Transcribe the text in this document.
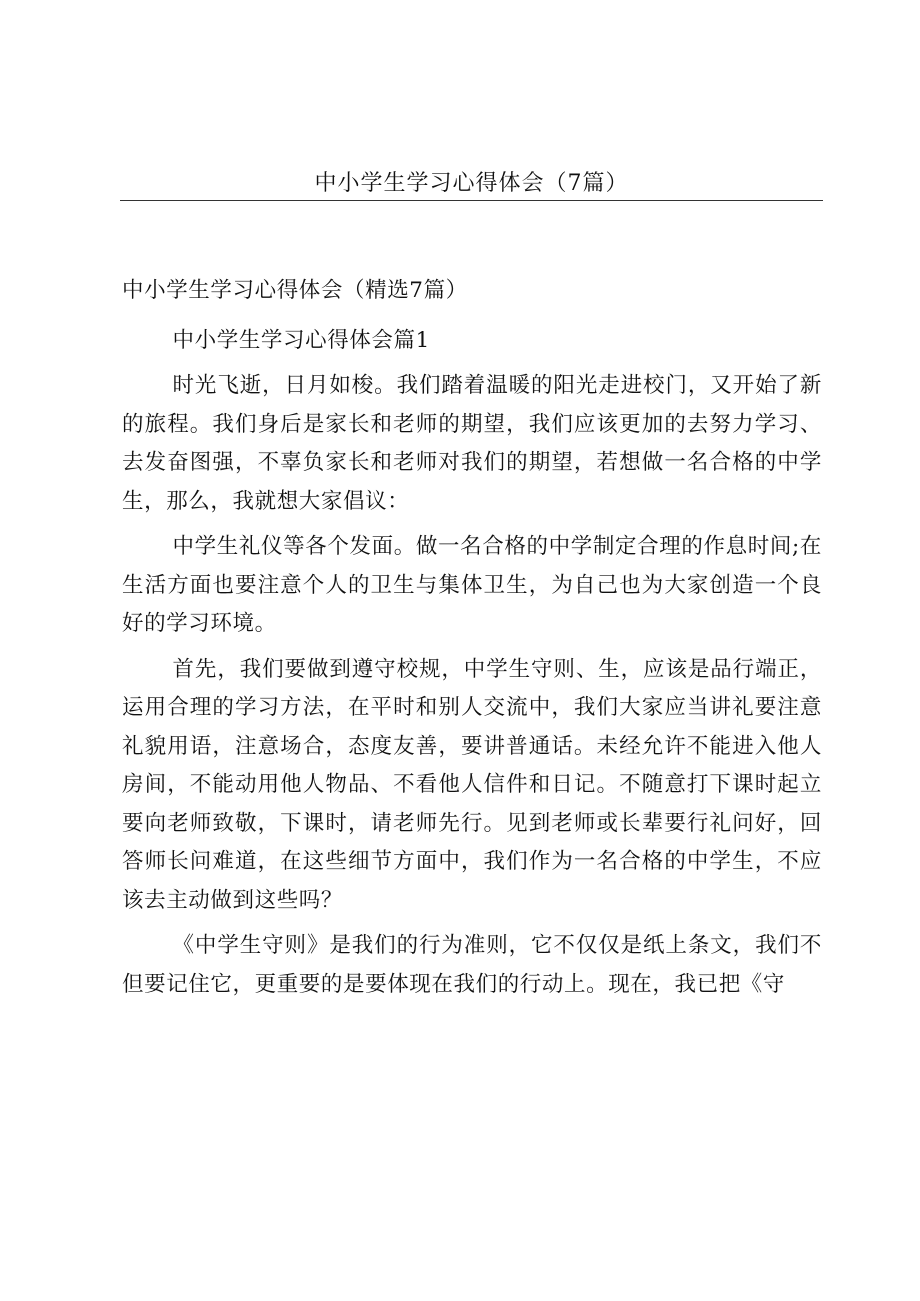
中小学生学习心得体会（7篇）

中小学生学习心得体会（精选7篇）

中小学生学习心得体会篇1

时光飞逝，日月如梭。我们踏着温暖的阳光走进校门，又开始了新的旅程。我们身后是家长和老师的期望，我们应该更加的去努力学习、去发奋图强，不辜负家长和老师对我们的期望，若想做一名合格的中学生，那么，我就想大家倡议：

中学生礼仪等各个发面。做一名合格的中学制定合理的作息时间;在生活方面也要注意个人的卫生与集体卫生，为自己也为大家创造一个良好的学习环境。

首先，我们要做到遵守校规，中学生守则、生，应该是品行端正，运用合理的学习方法，在平时和别人交流中，我们大家应当讲礼要注意礼貌用语，注意场合，态度友善，要讲普通话。未经允许不能进入他人房间，不能动用他人物品、不看他人信件和日记。不随意打下课时起立要向老师致敬，下课时，请老师先行。见到老师或长辈要行礼问好，回答师长问难道，在这些细节方面中，我们作为一名合格的中学生，不应该去主动做到这些吗？

《中学生守则》是我们的行为准则，它不仅仅是纸上条文，我们不但要记住它，更重要的是要体现在我们的行动上。现在，我已把《守
